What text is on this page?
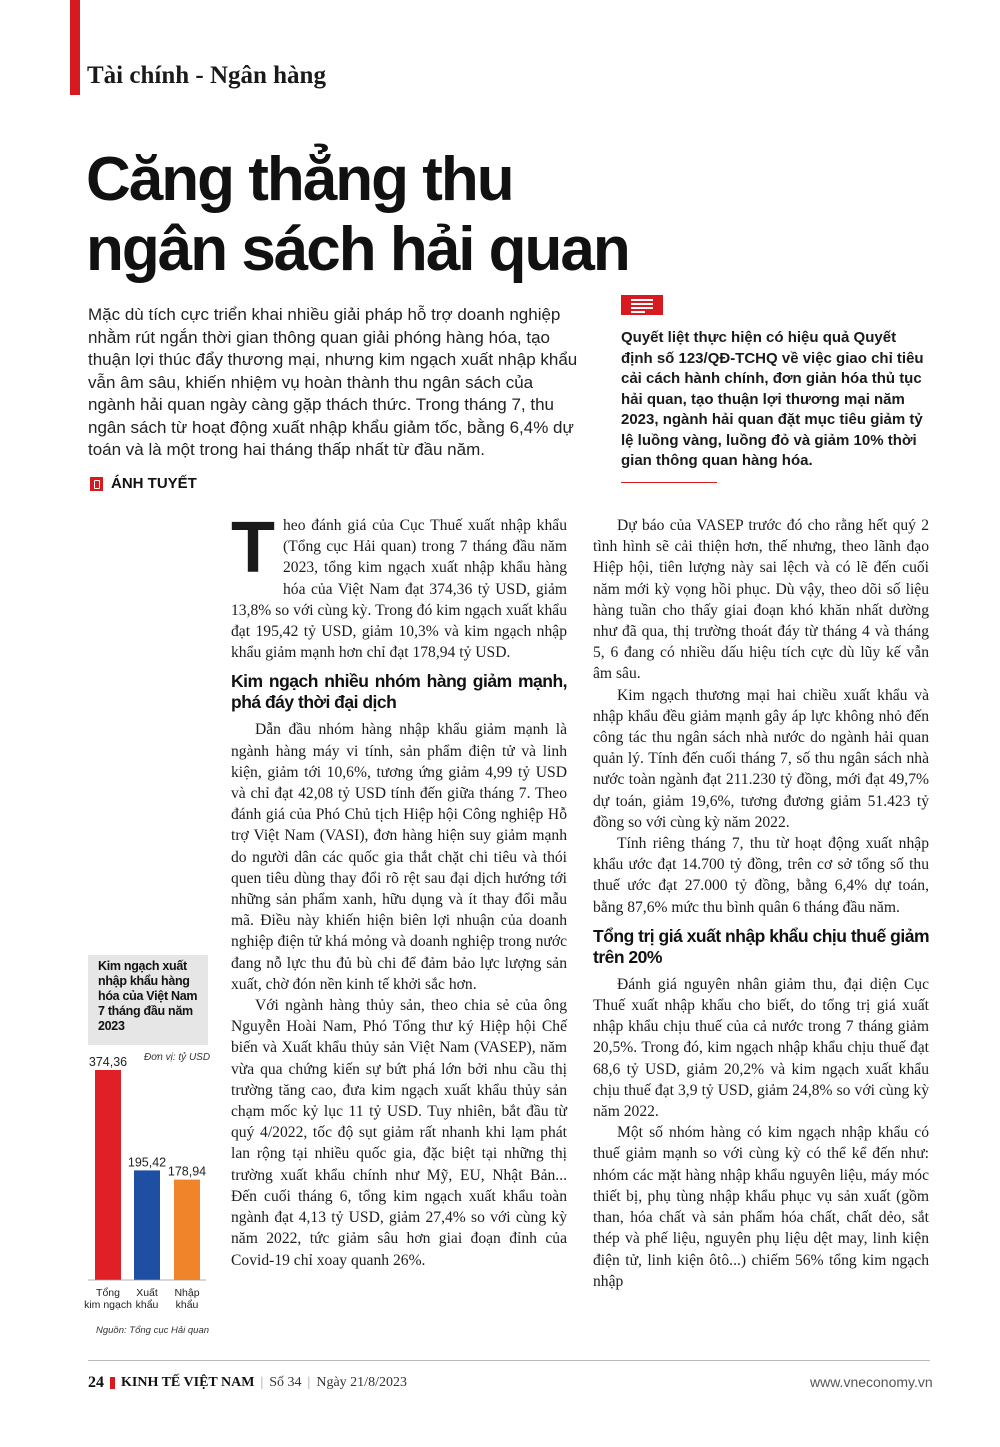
Tài chính - Ngân hàng
Căng thẳng thu
ngân sách hải quan
Mặc dù tích cực triển khai nhiều giải pháp hỗ trợ doanh nghiệp nhằm rút ngắn thời gian thông quan giải phóng hàng hóa, tạo thuận lợi thúc đẩy thương mại, nhưng kim ngạch xuất nhập khẩu vẫn âm sâu, khiến nhiệm vụ hoàn thành thu ngân sách của ngành hải quan ngày càng gặp thách thức. Trong tháng 7, thu ngân sách từ hoạt động xuất nhập khẩu giảm tốc, bằng 6,4% dự toán và là một trong hai tháng thấp nhất từ đầu năm.
ÁNH TUYẾT
Quyết liệt thực hiện có hiệu quả Quyết định số 123/QĐ-TCHQ về việc giao chỉ tiêu cải cách hành chính, đơn giản hóa thủ tục hải quan, tạo thuận lợi thương mại năm 2023, ngành hải quan đặt mục tiêu giảm tỷ lệ luồng vàng, luồng đỏ và giảm 10% thời gian thông quan hàng hóa.

Theo đánh giá của Cục Thuế xuất nhập khẩu (Tổng cục Hải quan) trong 7 tháng đầu năm 2023, tổng kim ngạch xuất nhập khẩu hàng hóa của Việt Nam đạt 374,36 tỷ USD, giảm 13,8% so với cùng kỳ. Trong đó kim ngạch xuất khẩu đạt 195,42 tỷ USD, giảm 10,3% và kim ngạch nhập khẩu giảm mạnh hơn chỉ đạt 178,94 tỷ USD.

Kim ngạch nhiều nhóm hàng giảm mạnh, phá đáy thời đại dịch

Dẫn đầu nhóm hàng nhập khẩu giảm mạnh là ngành hàng máy vi tính, sản phẩm điện tử và linh kiện, giảm tới 10,6%, tương ứng giảm 4,99 tỷ USD và chỉ đạt 42,08 tỷ USD tính đến giữa tháng 7. Theo đánh giá của Phó Chủ tịch Hiệp hội Công nghiệp Hỗ trợ Việt Nam (VASI), đơn hàng hiện suy giảm mạnh do người dân các quốc gia thắt chặt chi tiêu và thói quen tiêu dùng thay đổi rõ rệt sau đại dịch hướng tới những sản phẩm xanh, hữu dụng và ít thay đổi mẫu mã. Điều này khiến hiện biên lợi nhuận của doanh nghiệp điện tử khá mỏng và doanh nghiệp trong nước đang nỗ lực thu đủ bù chi để đảm bảo lực lượng sản xuất, chờ đón nền kinh tế khởi sắc hơn.

Với ngành hàng thủy sản, theo chia sẻ của ông Nguyễn Hoài Nam, Phó Tổng thư ký Hiệp hội Chế biến và Xuất khẩu thủy sản Việt Nam (VASEP), năm vừa qua chứng kiến sự bứt phá lớn bởi nhu cầu thị trường tăng cao, đưa kim ngạch xuất khẩu thủy sản chạm mốc kỷ lục 11 tỷ USD. Tuy nhiên, bắt đầu từ quý 4/2022, tốc độ sụt giảm rất nhanh khi lạm phát lan rộng tại nhiều quốc gia, đặc biệt tại những thị trường xuất khẩu chính như Mỹ, EU, Nhật Bản... Đến cuối tháng 6, tổng kim ngạch xuất khẩu toàn ngành đạt 4,13 tỷ USD, giảm 27,4% so với cùng kỳ năm 2022, tức giảm sâu hơn giai đoạn đỉnh của Covid-19 chỉ xoay quanh 26%.

Dự báo của VASEP trước đó cho rằng hết quý 2 tình hình sẽ cải thiện hơn, thế nhưng, theo lãnh đạo Hiệp hội, tiên lượng này sai lệch và có lẽ đến cuối năm mới kỳ vọng hồi phục. Dù vậy, theo dõi số liệu hàng tuần cho thấy giai đoạn khó khăn nhất dường như đã qua, thị trường thoát đáy từ tháng 4 và tháng 5, 6 đang có nhiều dấu hiệu tích cực dù lũy kế vẫn âm sâu.

Kim ngạch thương mại hai chiều xuất khẩu và nhập khẩu đều giảm mạnh gây áp lực không nhỏ đến công tác thu ngân sách nhà nước do ngành hải quan quản lý. Tính đến cuối tháng 7, số thu ngân sách nhà nước toàn ngành đạt 211.230 tỷ đồng, mới đạt 49,7% dự toán, giảm 19,6%, tương đương giảm 51.423 tỷ đồng so với cùng kỳ năm 2022.

Tính riêng tháng 7, thu từ hoạt động xuất nhập khẩu ước đạt 14.700 tỷ đồng, trên cơ sở tổng số thu thuế ước đạt 27.000 tỷ đồng, bằng 6,4% dự toán, bằng 87,6% mức thu bình quân 6 tháng đầu năm.

Tổng trị giá xuất nhập khẩu chịu thuế giảm trên 20%

Đánh giá nguyên nhân giảm thu, đại diện Cục Thuế xuất nhập khẩu cho biết, do tổng trị giá xuất nhập khẩu chịu thuế của cả nước trong 7 tháng giảm 20,5%. Trong đó, kim ngạch nhập khẩu chịu thuế đạt 68,6 tỷ USD, giảm 20,2% và kim ngạch xuất khẩu chịu thuế đạt 3,9 tỷ USD, giảm 24,8% so với cùng kỳ năm 2022.

Một số nhóm hàng có kim ngạch nhập khẩu có thuế giảm mạnh so với cùng kỳ có thể kể đến như: nhóm các mặt hàng nhập khẩu nguyên liệu, máy móc thiết bị, phụ tùng nhập khẩu phục vụ sản xuất (gồm than, hóa chất và sản phẩm hóa chất, chất dẻo, sắt thép và phế liệu, nguyên phụ liệu dệt may, linh kiện điện tử, linh kiện ôtô...) chiếm 56% tổng kim ngạch nhập

Kim ngạch xuất nhập khẩu hàng hóa của Việt Nam 7 tháng đầu năm 2023
Đơn vị: tỷ USD
374,36
Tổng
kim ngạch
195,42
Xuất
khẩu
178,94
Nhập
khẩu
Nguồn: Tổng cục Hải quan
24 KINH TẾ VIỆT NAM | Số 34 | Ngày 21/8/2023	www.vneconomy.vn
